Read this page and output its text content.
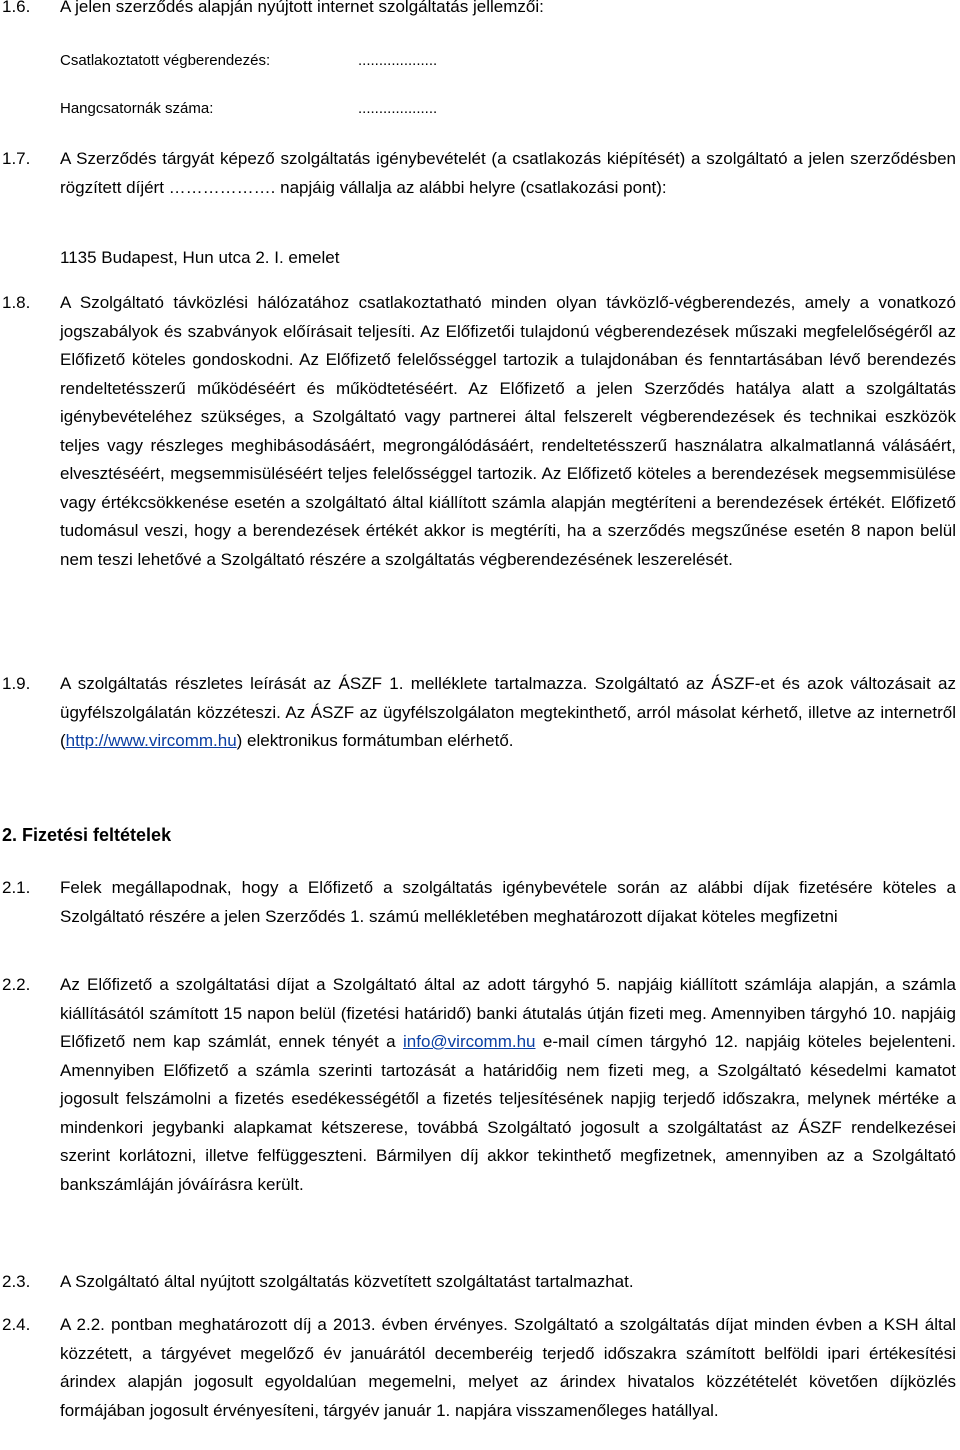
1.6. A jelen szerződés alapján nyújtott internet szolgáltatás jellemzői:

Csatlakoztatott végberendezés:	...................
Hangcsatornák száma:	...................
1.7. A Szerződés tárgyát képező szolgáltatás igénybevételét (a csatlakozás kiépítését) a szolgáltató a jelen szerződésben rögzített díjért ………………. napjáig vállalja az alábbi helyre (csatlakozási pont):

1135 Budapest, Hun utca 2. I. emelet
1.8. A Szolgáltató távközlési hálózatához csatlakoztatható minden olyan távközlő-végberendezés, amely a vonatkozó jogszabályok és szabványok előírásait teljesíti. Az Előfizetői tulajdonú végberendezések műszaki megfelelőségéről az Előfizető köteles gondoskodni. Az Előfizető felelősséggel tartozik a tulajdonában és fenntartásában lévő berendezés rendeltetésszerű működéséért és működtetéséért. Az Előfizető a jelen Szerződés hatálya alatt a szolgáltatás igénybevételéhez szükséges, a Szolgáltató vagy partnerei által felszerelt végberendezések és technikai eszközök teljes vagy részleges meghibásodásáért, megrongálódásáért, rendeltetésszerű használatra alkalmatlanná válásáért, elvesztéséért, megsemmisüléséért teljes felelősséggel tartozik. Az Előfizető köteles a berendezések megsemmisülése vagy értékcsökkenése esetén a szolgáltató által kiállított számla alapján megtéríteni a berendezések értékét. Előfizető tudomásul veszi, hogy a berendezések értékét akkor is megtéríti, ha a szerződés megszűnése esetén 8 napon belül nem teszi lehetővé a Szolgáltató részére a szolgáltatás végberendezésének leszerelését.

1.9. A szolgáltatás részletes leírását az ÁSZF 1. melléklete tartalmazza. Szolgáltató az ÁSZF-et és azok változásait az ügyfélszolgálatán közzéteszi. Az ÁSZF az ügyfélszolgálaton megtekinthető, arról másolat kérhető, illetve az internetről (http://www.vircomm.hu) elektronikus formátumban elérhető.

2. Fizetési feltételek
2.1. Felek megállapodnak, hogy a Előfizető a szolgáltatás igénybevétele során az alábbi díjak fizetésére köteles a Szolgáltató részére a jelen Szerződés 1. számú mellékletében meghatározott díjakat köteles megfizetni

2.2. Az Előfizető a szolgáltatási díjat a Szolgáltató által az adott tárgyhó 5. napjáig kiállított számlája alapján, a számla kiállításától számított 15 napon belül (fizetési határidő) banki átutalás útján fizeti meg. Amennyiben tárgyhó 10. napjáig Előfizető nem kap számlát, ennek tényét a info@vircomm.hu e-mail címen tárgyhó 12. napjáig köteles bejelenteni. Amennyiben Előfizető a számla szerinti tartozását a határidőig nem fizeti meg, a Szolgáltató késedelmi kamatot jogosult felszámolni a fizetés esedékességétől a fizetés teljesítésének napjig terjedő időszakra, melynek mértéke a mindenkori jegybanki alapkamat kétszerese, továbbá Szolgáltató jogosult a szolgáltatást az ÁSZF rendelkezései szerint korlátozni, illetve felfüggeszteni. Bármilyen díj akkor tekinthető megfizetnek, amennyiben az a Szolgáltató bankszámláján jóváírásra került.

2.3. A Szolgáltató által nyújtott szolgáltatás közvetített szolgáltatást tartalmazhat.

2.4. A 2.2. pontban meghatározott díj a 2013. évben érvényes. Szolgáltató a szolgáltatás díjat minden évben a KSH által közzétett, a tárgyévet megelőző év januárától decemberéig terjedő időszakra számított belföldi ipari értékesítési árindex alapján jogosult egyoldalúan megemelni, melyet az árindex hivatalos közzétételét követően díjközlés formájában jogosult érvényesíteni, tárgyév január 1. napjára visszamenőleges hatállyal.
